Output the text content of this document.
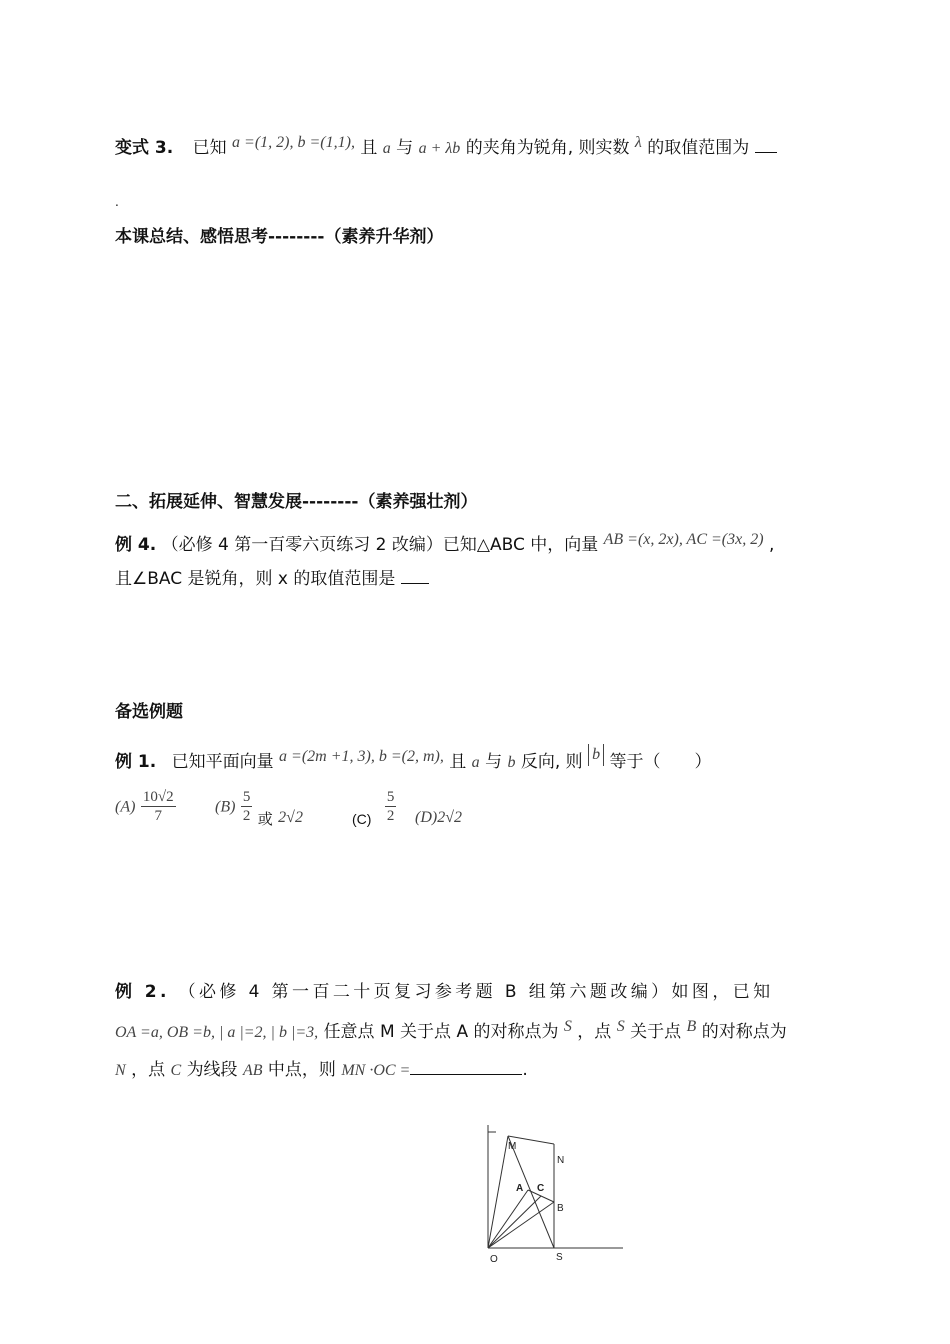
变式 3. 已知 a =(1, 2), b =(1,1), 且 a 与 a + λb 的夹角为锐角, 则实数 λ 的取值范围为
.
本课总结、感悟思考--------（素养升华剂）
二、拓展延伸、智慧发展--------（素养强壮剂）
例 4. （必修 4 第一百零六页练习 2 改编）已知△ABC 中，向量 AB =(x, 2x), AC =(3x, 2) ,
且∠BAC 是锐角，则 x 的取值范围是
备选例题
例 1. 已知平面向量 a =(2m +1, 3), b =(2, m), 且 a 与 b 反向, 则 b 等于（　　）
$(A) \frac{10√2}{7} (B) \frac{5}{2}$ 或 2√2	$_{(C)} \frac{5}{2} (D)2√2$
例 2. （必修 4 第一百二十页复习参考题 B 组第六题改编）如图，已知
OA =a, OB =b, | a |=2, | b |=3, 任意点 M 关于点 A 的对称点为 S ，点 S 关于点 B 的对称点为
N ，点 C 为线段 AB 中点，则 MN ·OC =	.
M
N
A C
B
O	S
